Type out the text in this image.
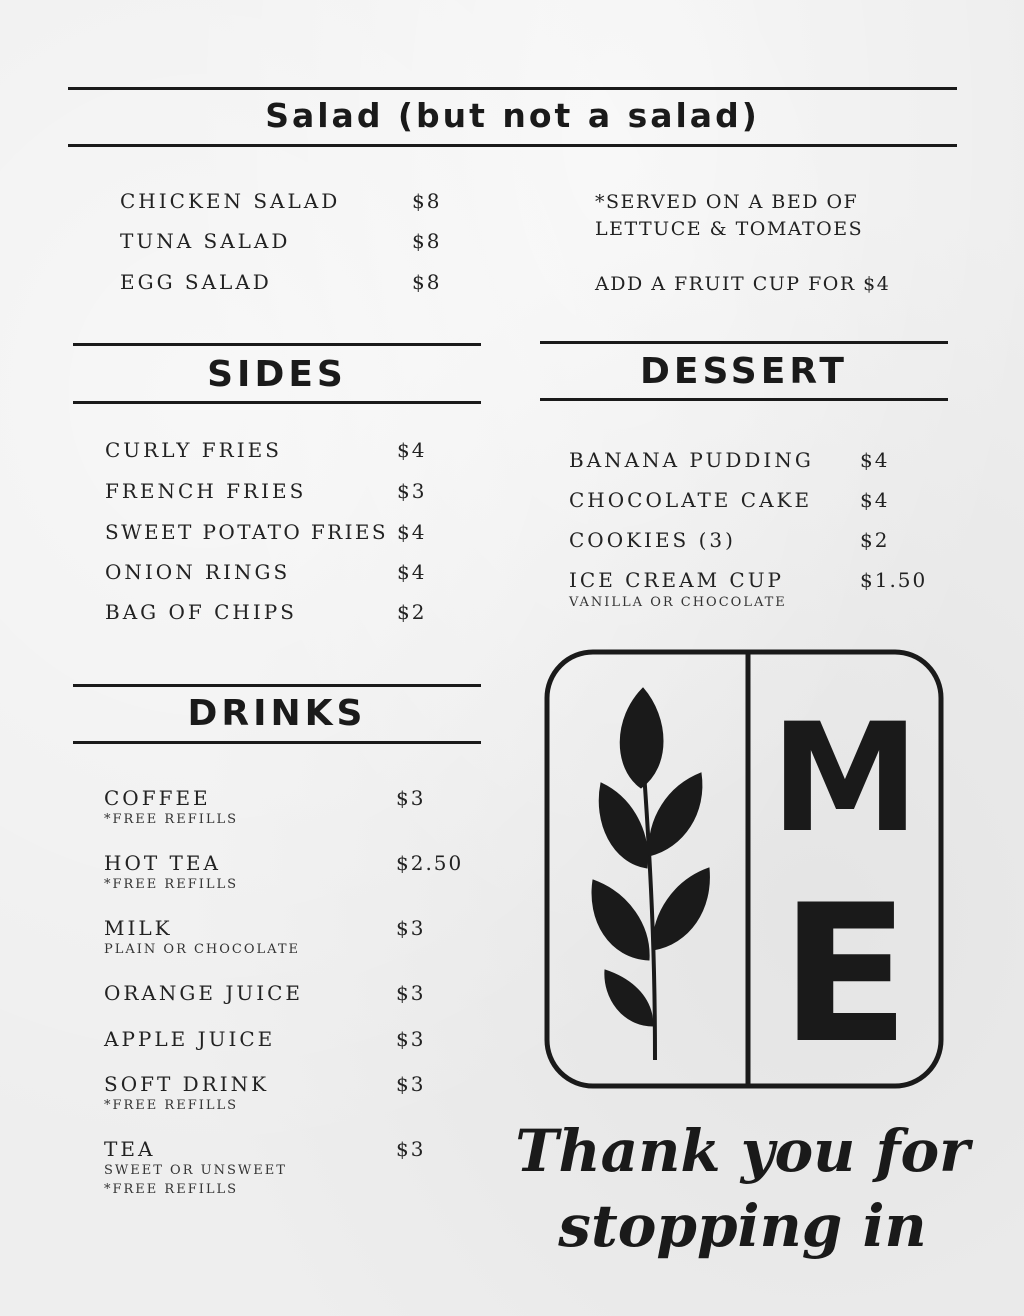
Salad (but not a salad)
CHICKEN SALAD	$8
TUNA SALAD	$8
EGG SALAD	$8
*SERVED ON A BED OF
LETTUCE & TOMATOES
ADD A FRUIT CUP FOR $4
SIDES
CURLY FRIES	$4
FRENCH FRIES	$3
SWEET POTATO FRIES $4
ONION RINGS	$4
BAG OF CHIPS	$2
DESSERT
BANANA PUDDING $4
CHOCOLATE CAKE $4
COOKIES (3)	$2
ICE CREAM CUP	$1.50
VANILLA OR CHOCOLATE
DRINKS
COFFEE	$3
*FREE REFILLS
HOT TEA	$2.50
*FREE REFILLS
MILK	$3
PLAIN OR CHOCOLATE
ORANGE JUICE	$3
APPLE JUICE	$3
SOFT DRINK	$3
*FREE REFILLS
TEA	$3
SWEET OR UNSWEET
*FREE REFILLS
M
E
Thank you for
stopping in
